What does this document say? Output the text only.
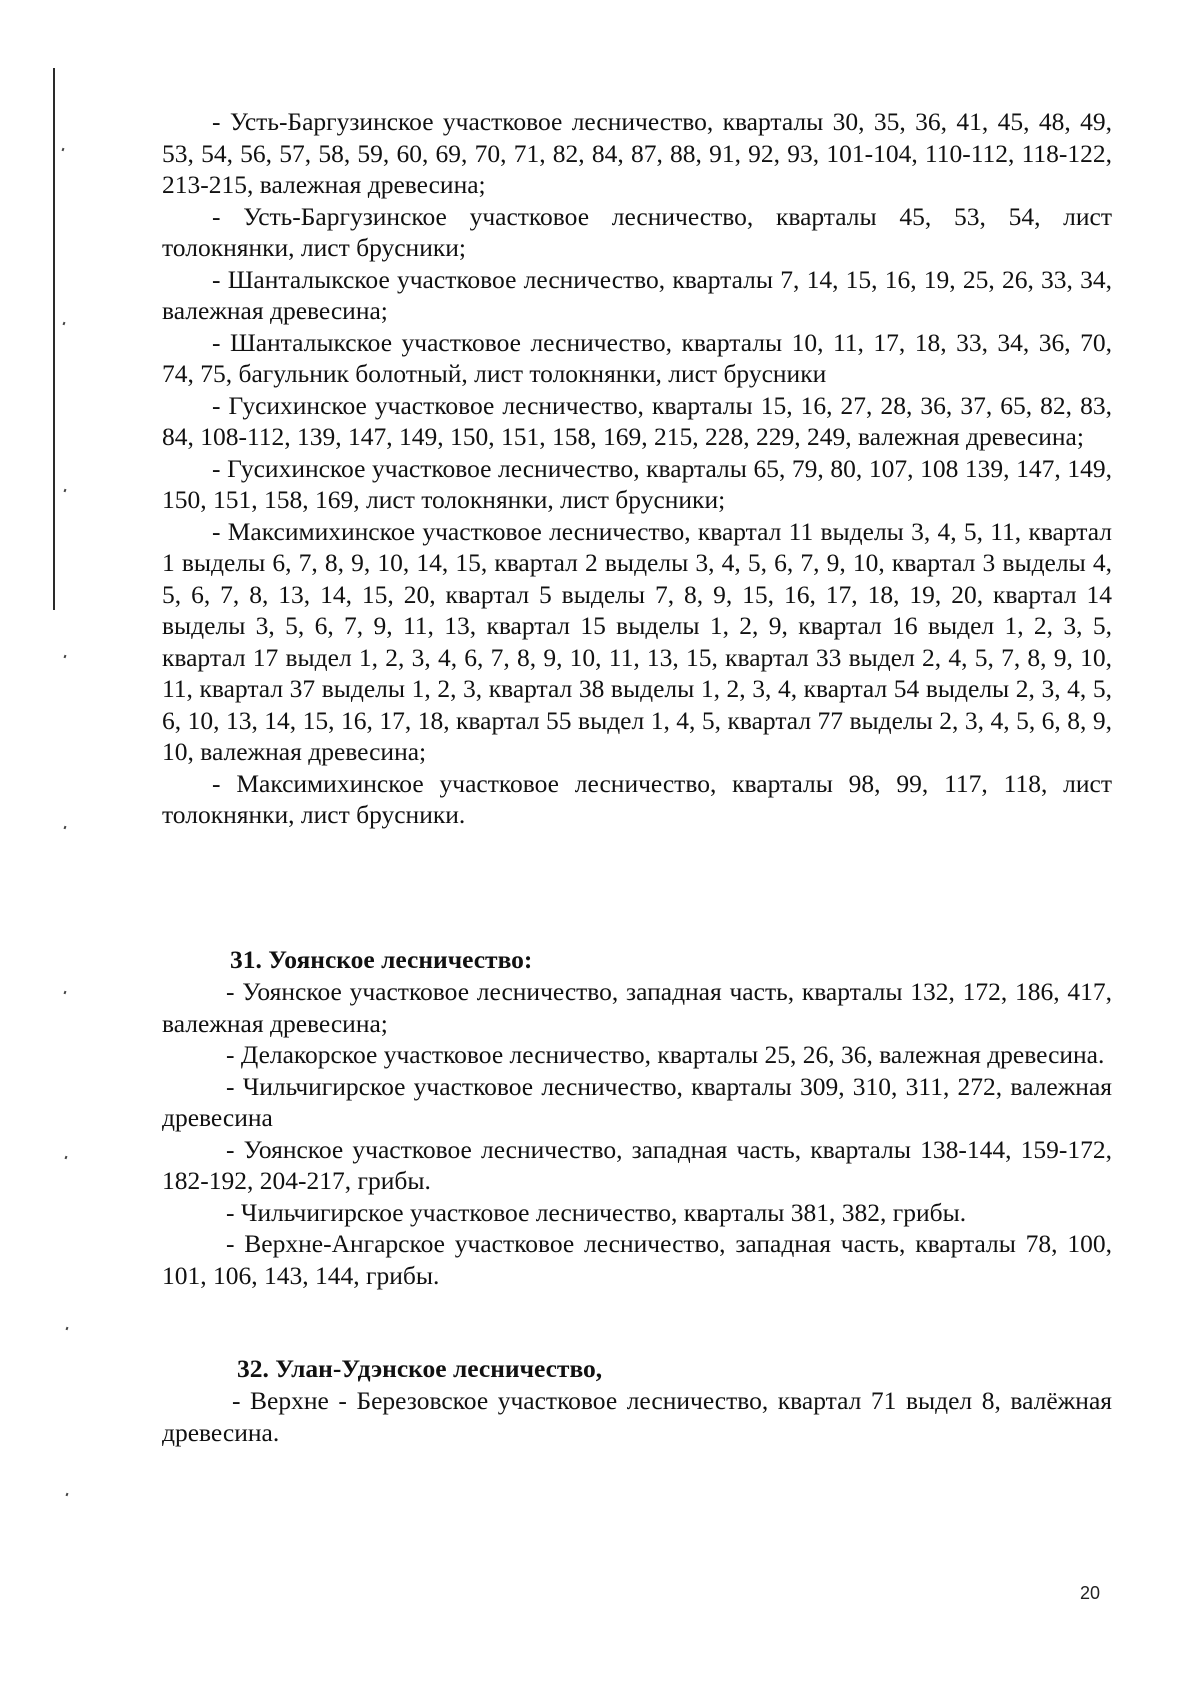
- Усть-Баргузинское участковое лесничество, кварталы 30, 35, 36, 41, 45, 48, 49, 53, 54, 56, 57, 58, 59, 60, 69, 70, 71, 82, 84, 87, 88, 91, 92, 93, 101-104, 110-112, 118-122, 213-215, валежная древесина;

- Усть-Баргузинское участковое лесничество, кварталы 45, 53, 54, лист толокнянки, лист брусники;

- Шанталыкское участковое лесничество, кварталы 7, 14, 15, 16, 19, 25, 26, 33, 34, валежная древесина;

- Шанталыкское участковое лесничество, кварталы 10, 11, 17, 18, 33, 34, 36, 70, 74, 75, багульник болотный, лист толокнянки, лист брусники

- Гусихинское участковое лесничество, кварталы 15, 16, 27, 28, 36, 37, 65, 82, 83, 84, 108-112, 139, 147, 149, 150, 151, 158, 169, 215, 228, 229, 249, валежная древесина;

- Гусихинское участковое лесничество, кварталы 65, 79, 80, 107, 108 139, 147, 149, 150, 151, 158, 169, лист толокнянки, лист брусники;

- Максимихинское участковое лесничество, квартал 11 выделы 3, 4, 5, 11, квартал 1 выделы 6, 7, 8, 9, 10, 14, 15, квартал 2 выделы 3, 4, 5, 6, 7, 9, 10, квартал 3 выделы 4, 5, 6, 7, 8, 13, 14, 15, 20, квартал 5 выделы 7, 8, 9, 15, 16, 17, 18, 19, 20, квартал 14 выделы 3, 5, 6, 7, 9, 11, 13, квартал 15 выделы 1, 2, 9, квартал 16 выдел 1, 2, 3, 5, квартал 17 выдел 1, 2, 3, 4, 6, 7, 8, 9, 10, 11, 13, 15, квартал 33 выдел 2, 4, 5, 7, 8, 9, 10, 11, квартал 37 выделы 1, 2, 3, квартал 38 выделы 1, 2, 3, 4, квартал 54 выделы 2, 3, 4, 5, 6, 10, 13, 14, 15, 16, 17, 18, квартал 55 выдел 1, 4, 5, квартал 77 выделы 2, 3, 4, 5, 6, 8, 9, 10, валежная древесина;

- Максимихинское участковое лесничество, кварталы 98, 99, 117, 118, лист толокнянки, лист брусники.

31. Уоянское лесничество:

- Уоянское участковое лесничество, западная часть, кварталы 132, 172, 186, 417, валежная древесина;

- Делакорское участковое лесничество, кварталы 25, 26, 36, валежная древесина.

- Чильчигирское участковое лесничество, кварталы 309, 310, 311, 272, валежная древесина

- Уоянское участковое лесничество, западная часть, кварталы 138-144, 159-172, 182-192, 204-217, грибы.

- Чильчигирское участковое лесничество, кварталы 381, 382, грибы.

- Верхне-Ангарское участковое лесничество, западная часть, кварталы 78, 100, 101, 106, 143, 144, грибы.

32. Улан-Удэнское лесничество,

- Верхне - Березовское участковое лесничество, квартал 71 выдел 8, валёжная древесина.

20
